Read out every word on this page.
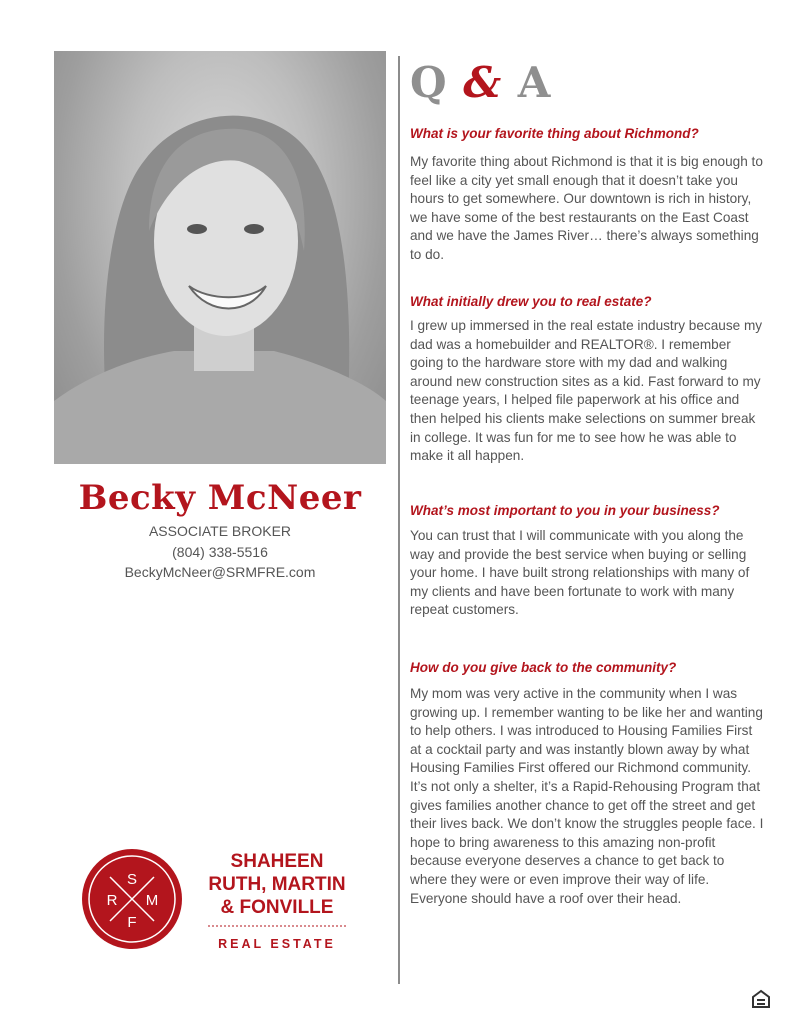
Becky McNeer
ASSOCIATE BROKER
(804) 338-5516
BeckyMcNeer@SRMFRE.com
Q & A
What is your favorite thing about Richmond?
My favorite thing about Richmond is that it is big enough to feel like a city yet small enough that it doesn’t take you hours to get somewhere. Our downtown is rich in history, we have some of the best restaurants on the East Coast and we have the James River… there’s always something to do.
What initially drew you to real estate?
I grew up immersed in the real estate industry because my dad was a homebuilder and REALTOR®. I remember going to the hardware store with my dad and walking around new construction sites as a kid. Fast forward to my teenage years, I helped file paperwork at his office and then helped his clients make selections on summer break in college. It was fun for me to see how he was able to make it all happen.
What’s most important to you in your business?
You can trust that I will communicate with you along the way and provide the best service when buying or selling your home. I have built strong relationships with many of my clients and have been fortunate to work with many repeat customers.
How do you give back to the community?
My mom was very active in the community when I was growing up. I remember wanting to be like her and wanting to help others. I was introduced to Housing Families First at a cocktail party and was instantly blown away by what Housing Families First offered our Richmond community. It’s not only a shelter, it’s a Rapid-Rehousing Program that gives families another chance to get off the street and get their lives back. We don’t know the struggles people face. I hope to bring awareness to this amazing non-profit because everyone deserves a chance to get back to where they were or even improve their way of life. Everyone should have a roof over their head.
S
R M
F
SHAHEEN
RUTH, MARTIN
& FONVILLE
REAL ESTATE
